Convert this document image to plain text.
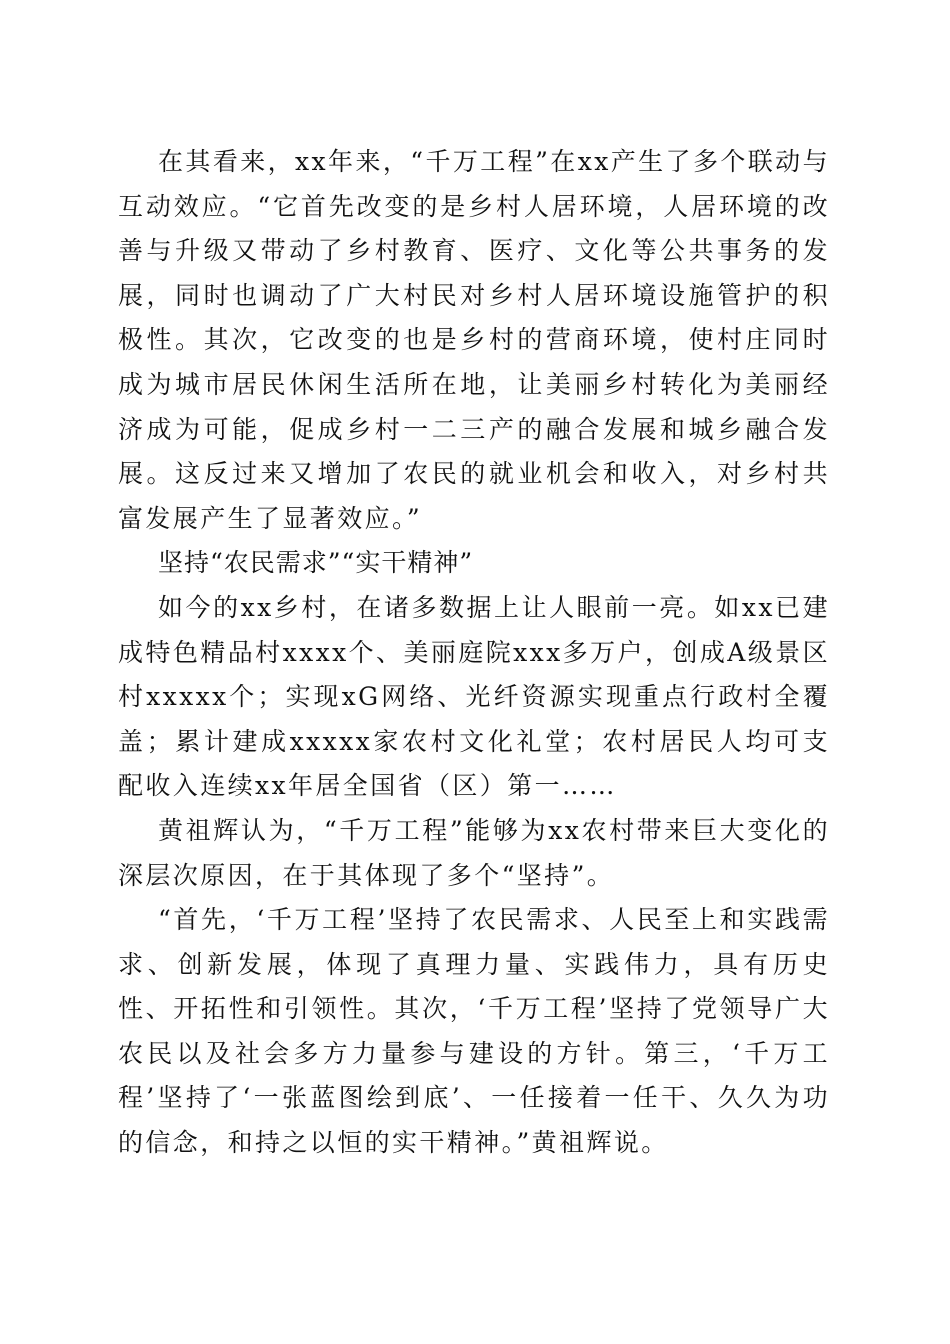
在其看来，xx年来，“千万工程”在xx产生了多个联动与互动效应。“它首先改变的是乡村人居环境，人居环境的改善与升级又带动了乡村教育、医疗、文化等公共事务的发展，同时也调动了广大村民对乡村人居环境设施管护的积极性。其次，它改变的也是乡村的营商环境，使村庄同时成为城市居民休闲生活所在地，让美丽乡村转化为美丽经济成为可能，促成乡村一二三产的融合发展和城乡融合发展。这反过来又增加了农民的就业机会和收入，对乡村共富发展产生了显著效应。”

坚持“农民需求”“实干精神”

如今的xx乡村，在诸多数据上让人眼前一亮。如xx已建成特色精品村xxxx个、美丽庭院xxx多万户，创成A级景区村xxxxx个；实现xG网络、光纤资源实现重点行政村全覆盖；累计建成xxxxx家农村文化礼堂；农村居民人均可支配收入连续xx年居全国省（区）第一……

黄祖辉认为，“千万工程”能够为xx农村带来巨大变化的深层次原因，在于其体现了多个“坚持”。

“首先，‘千万工程’坚持了农民需求、人民至上和实践需求、创新发展，体现了真理力量、实践伟力，具有历史性、开拓性和引领性。其次，‘千万工程’坚持了党领导广大农民以及社会多方力量参与建设的方针。第三，‘千万工程’坚持了‘一张蓝图绘到底’、一任接着一任干、久久为功的信念，和持之以恒的实干精神。”黄祖辉说。
